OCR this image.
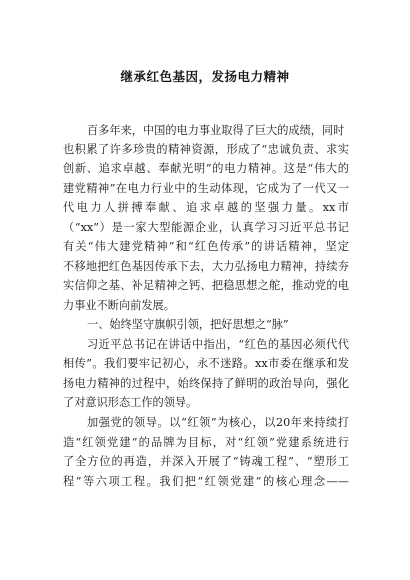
继承红色基因，发扬电力精神
百多年来，中国的电力事业取得了巨大的成绩，同时
也积累了许多珍贵的精神资源，形成了“忠诚负责、求实
创新、追求卓越、奉献光明”的电力精神。这是“伟大的
建党精神”在电力行业中的生动体现，它成为了一代又一
代电力人拼搏奉献、追求卓越的坚强力量。xx市
（“xx”）是一家大型能源企业，认真学习习近平总书记
有关“伟大建党精神”和“红色传承”的讲话精神，坚定
不移地把红色基因传承下去，大力弘扬电力精神，持续夯
实信仰之基、补足精神之钙、把稳思想之舵，推动党的电
力事业不断向前发展。
一、始终坚守旗帜引领，把好思想之“脉”
习近平总书记在讲话中指出，“红色的基因必须代代
相传”。我们要牢记初心，永不迷路。xx市委在继承和发
扬电力精神的过程中，始终保持了鲜明的政治导向，强化
了对意识形态工作的领导。
加强党的领导。以“红领”为核心，以20年来持续打
造“红领党建”的品牌为目标，对“红领”党建系统进行
了全方位的再造，并深入开展了“铸魂工程”、“塑形工
程”等六项工程。我们把“红领党建”的核心理念——
